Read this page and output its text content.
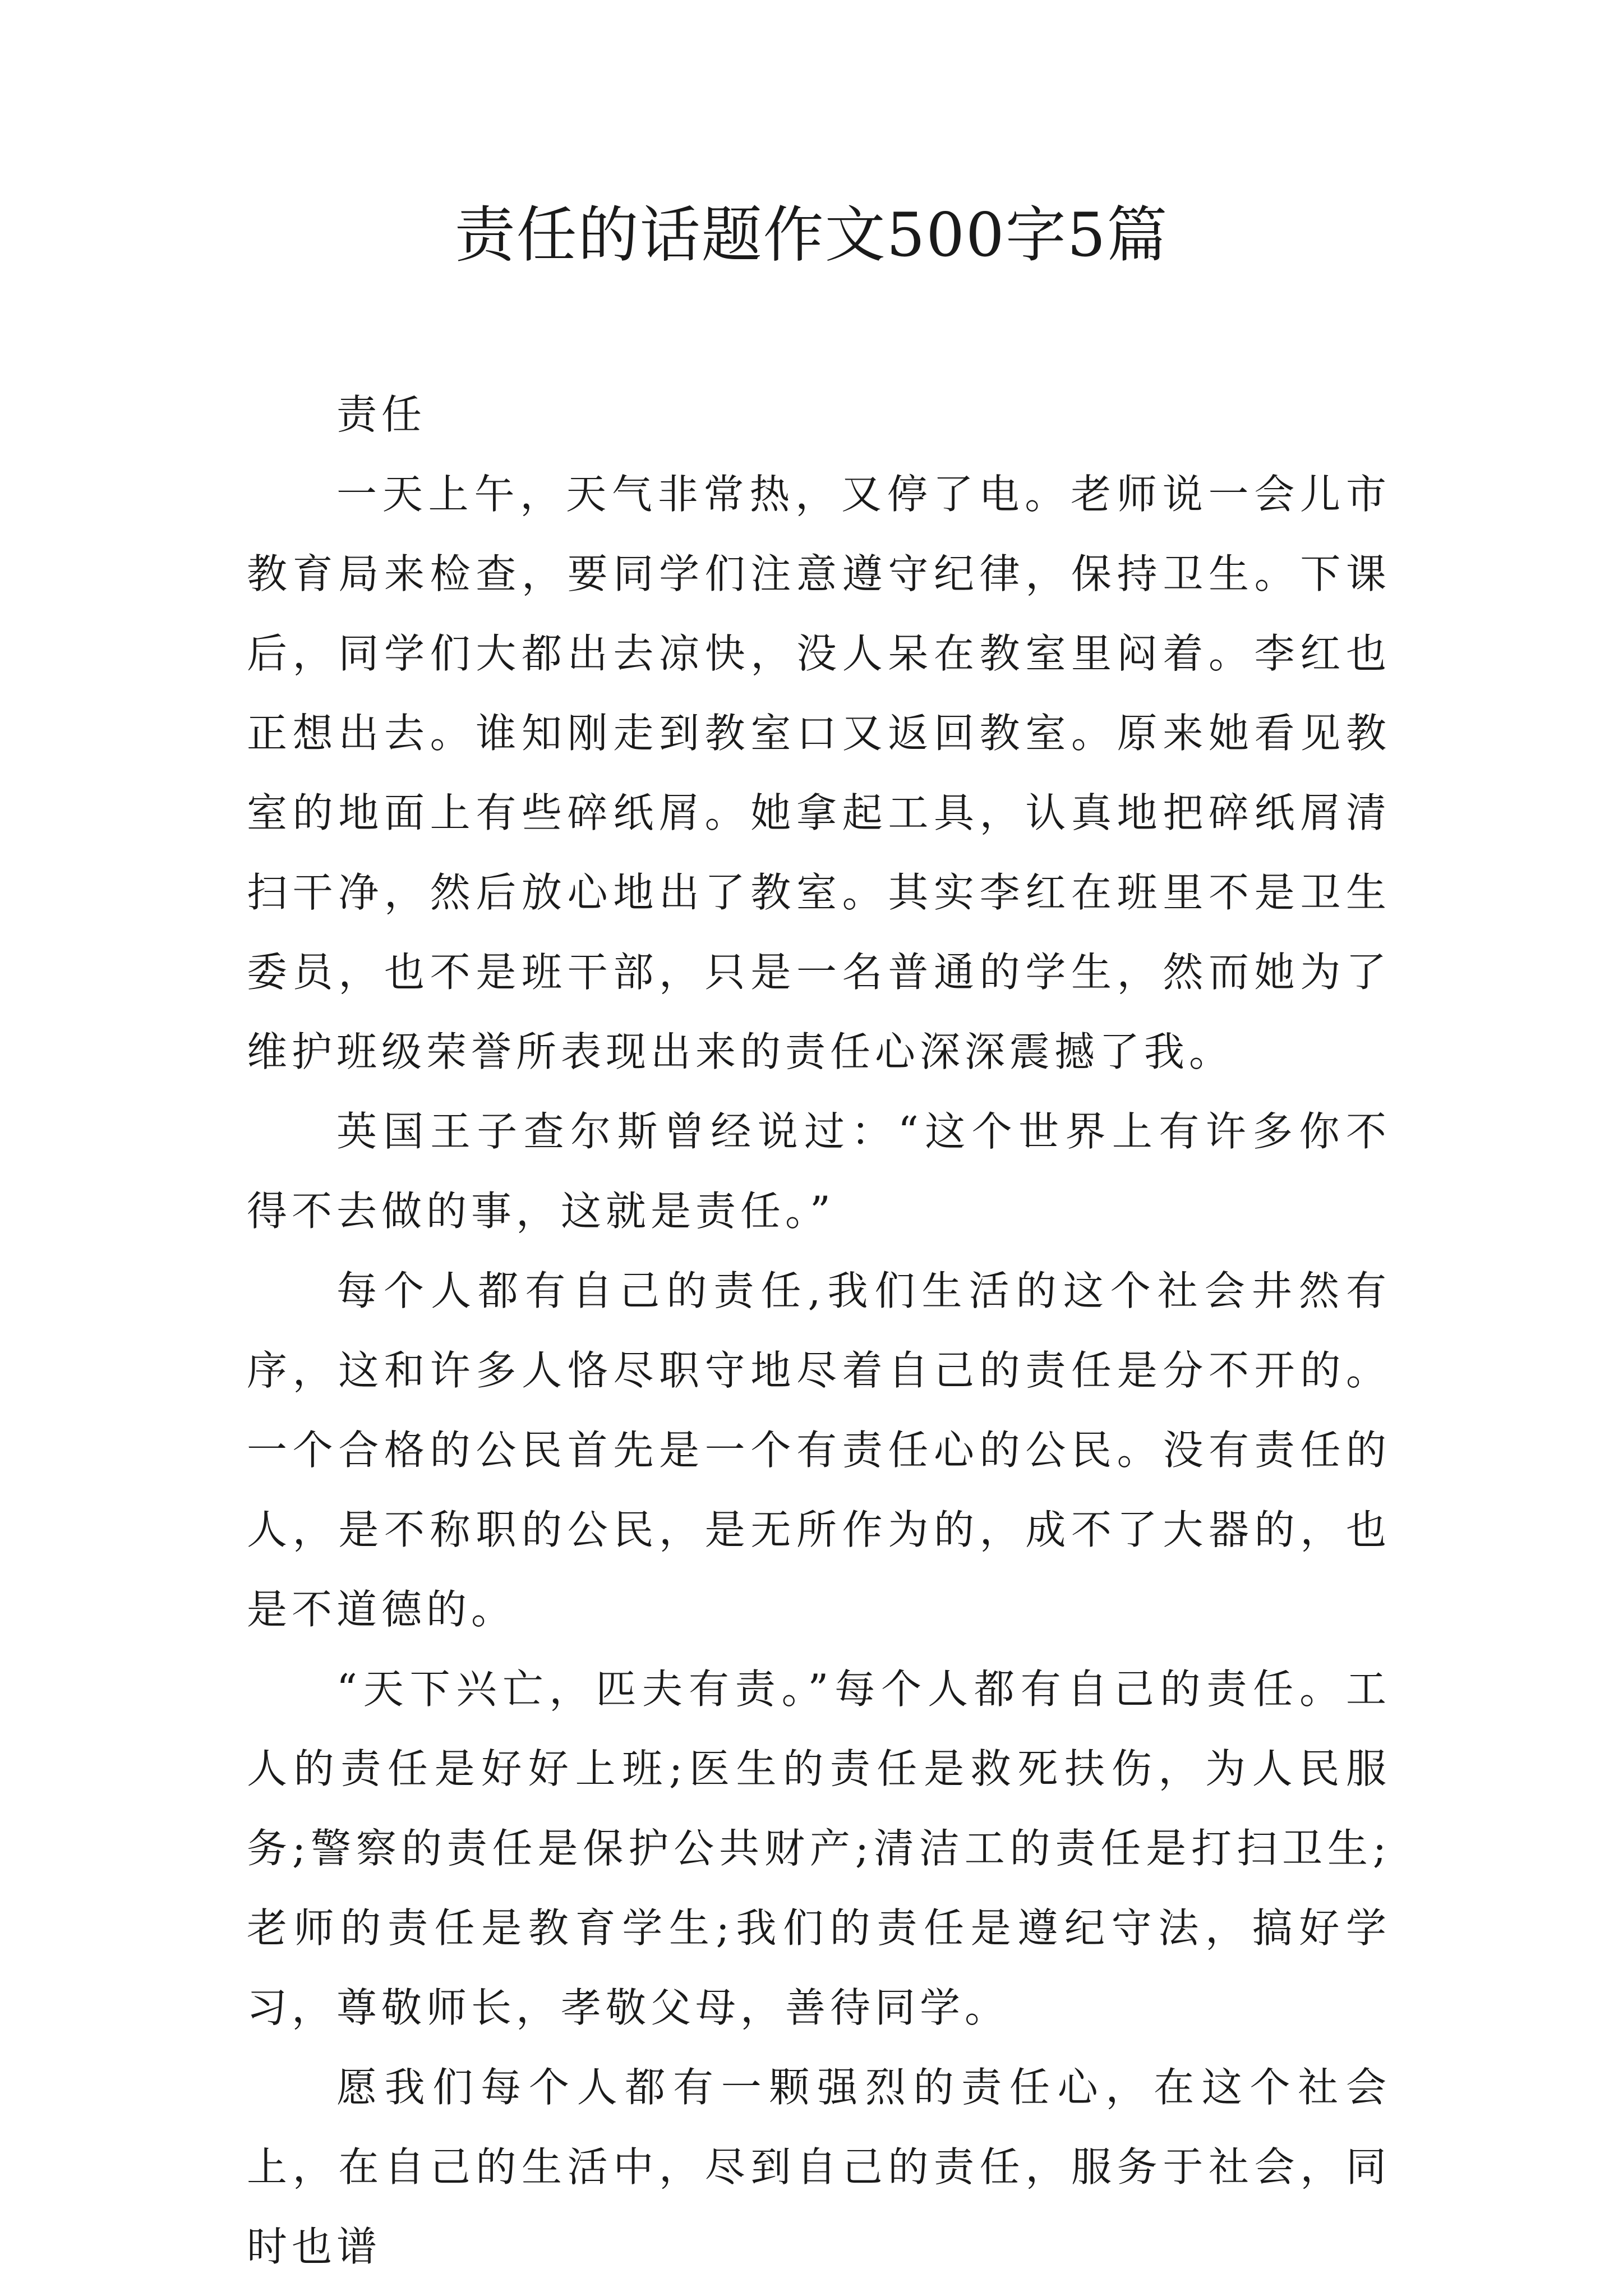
责任的话题作文500字5篇

责任

一天上午，天气非常热，又停了电。老师说一会儿市教育局来检查，要同学们注意遵守纪律，保持卫生。下课后，同学们大都出去凉快，没人呆在教室里闷着。李红也正想出去。谁知刚走到教室口又返回教室。原来她看见教室的地面上有些碎纸屑。她拿起工具，认真地把碎纸屑清扫干净，然后放心地出了教室。其实李红在班里不是卫生委员，也不是班干部，只是一名普通的学生，然而她为了维护班级荣誉所表现出来的责任心深深震撼了我。

英国王子查尔斯曾经说过：“这个世界上有许多你不得不去做的事，这就是责任。”

每个人都有自己的责任,我们生活的这个社会井然有序，这和许多人恪尽职守地尽着自己的责任是分不开的。一个合格的公民首先是一个有责任心的公民。没有责任的人，是不称职的公民，是无所作为的，成不了大器的，也是不道德的。

“天下兴亡，匹夫有责。”每个人都有自己的责任。工人的责任是好好上班;医生的责任是救死扶伤，为人民服务;警察的责任是保护公共财产;清洁工的责任是打扫卫生;老师的责任是教育学生;我们的责任是遵纪守法，搞好学习，尊敬师长，孝敬父母，善待同学。

愿我们每个人都有一颗强烈的责任心，在这个社会上，在自己的生活中，尽到自己的责任，服务于社会，同时也谱
